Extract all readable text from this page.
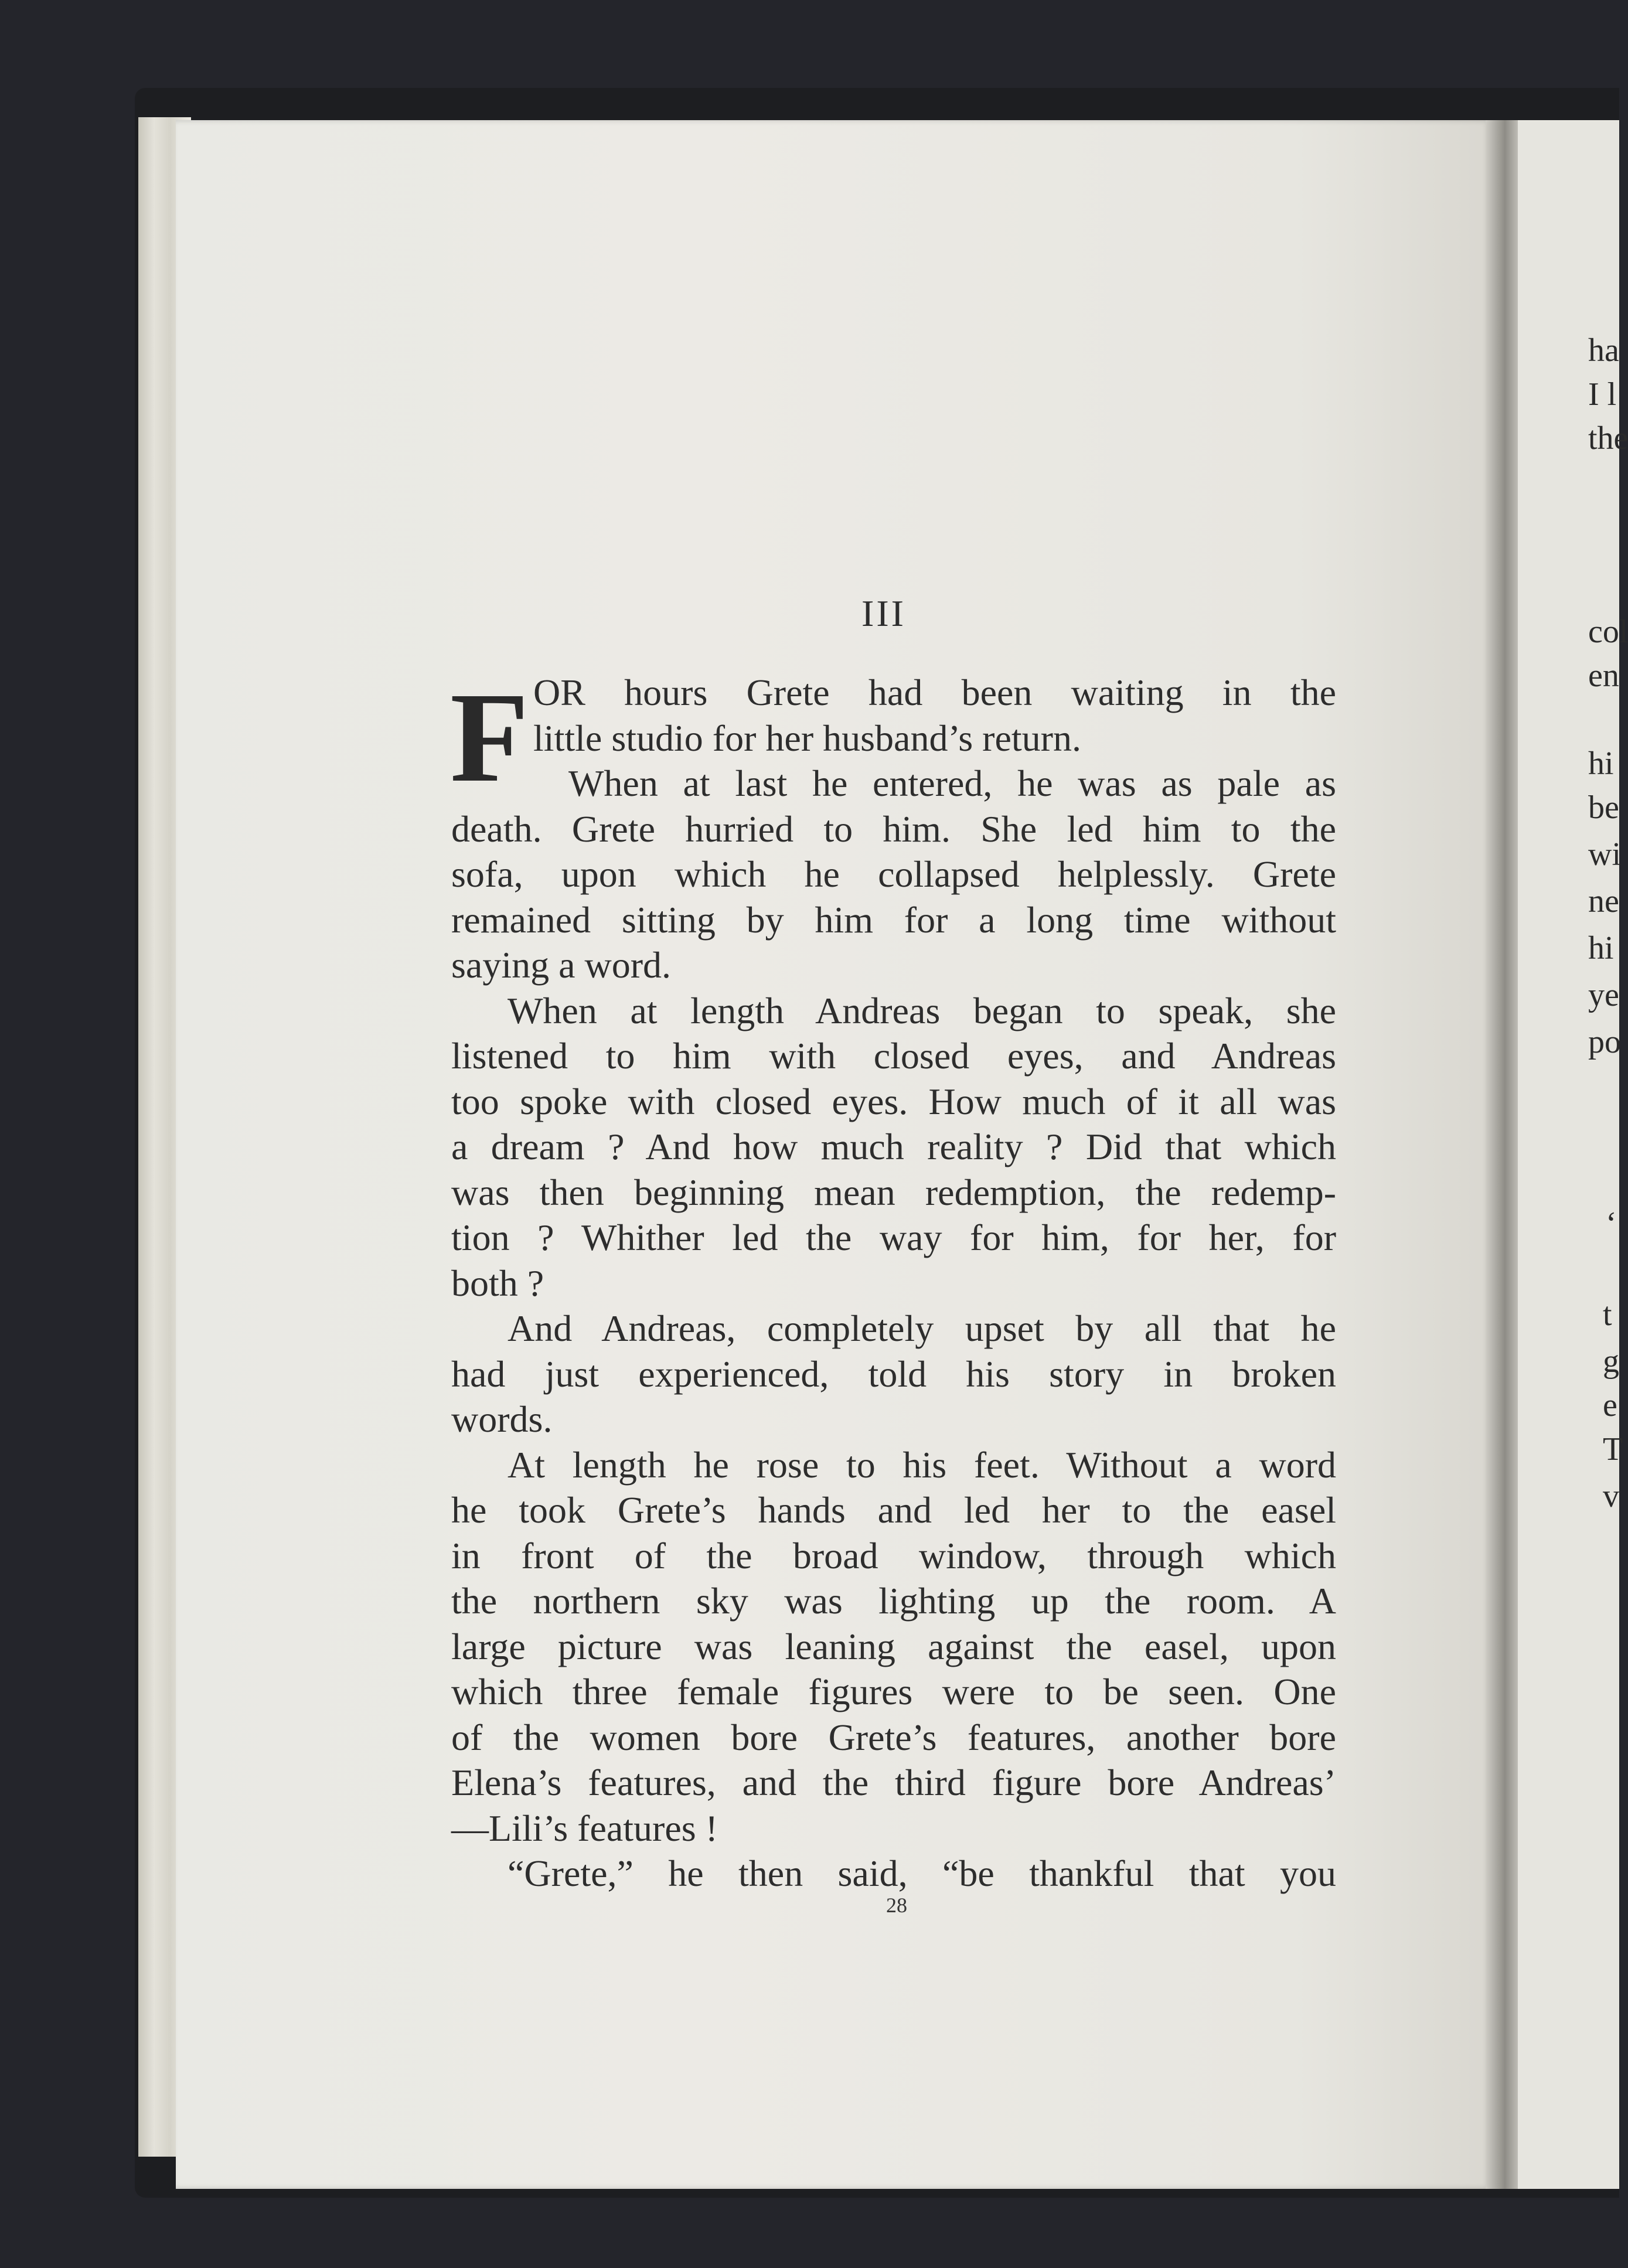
ha
I l
the
col
en
hi
be
wi
ne
hi
ye
po
‘
t
g
e
T
v
III
F OR hours Grete had been waiting in the
little studio for her husband’s return.
When at last he entered, he was as pale as
death. Grete hurried to him. She led him to the
sofa, upon which he collapsed helplessly. Grete
remained sitting by him for a long time without
saying a word.
When at length Andreas began to speak, she
listened to him with closed eyes, and Andreas
too spoke with closed eyes. How much of it all was
a dream ? And how much reality ? Did that which
was then beginning mean redemption, the redemp-
tion ? Whither led the way for him, for her, for
both ?
And Andreas, completely upset by all that he
had just experienced, told his story in broken
words.
At length he rose to his feet. Without a word
he took Grete’s hands and led her to the easel
in front of the broad window, through which
the northern sky was lighting up the room. A
large picture was leaning against the easel, upon
which three female figures were to be seen. One
of the women bore Grete’s features, another bore
Elena’s features, and the third figure bore Andreas’
—Lili’s features !
“Grete,” he then said, “be thankful that you
28
